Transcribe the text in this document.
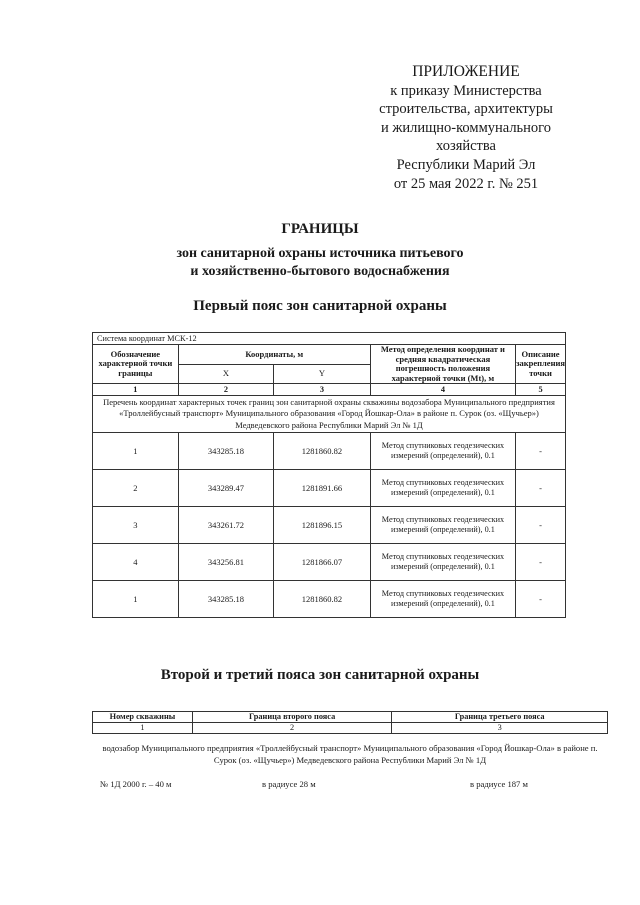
ПРИЛОЖЕНИЕ
к приказу Министерства
строительства, архитектуры
и жилищно-коммунального
хозяйства
Республики Марий Эл
от 25 мая 2022 г. № 251
ГРАНИЦЫ
зон санитарной охраны источника питьевого
и хозяйственно-бытового водоснабжения
Первый пояс зон санитарной охраны
Система координат МСК-12				
Обозначение характерной точки границы	Координаты, м		Метод определения координат и средняя квадратическая погрешность положения характерной точки (Mt), м	Описание закрепления точки
	X	Y		
1	2	3	4	5
Перечень координат характерных точек границ зон санитарной охраны скважины водозабора Муниципального предприятия «Троллейбусный транспорт» Муниципального образования «Город Йошкар-Ола» в районе п. Сурок (оз. «Щучьер») Медведевского района Республики Марий Эл № 1Д				
1	343285.18	1281860.82	Метод спутниковых геодезических измерений (определений), 0.1	-
2	343289.47	1281891.66	Метод спутниковых геодезических измерений (определений), 0.1	-
3	343261.72	1281896.15	Метод спутниковых геодезических измерений (определений), 0.1	-
4	343256.81	1281866.07	Метод спутниковых геодезических измерений (определений), 0.1	-
1	343285.18	1281860.82	Метод спутниковых геодезических измерений (определений), 0.1	-
Второй и третий пояса зон санитарной охраны
Номер скважины	Граница второго пояса	Граница третьего пояса
1	2	3
водозабор Муниципального предприятия «Троллейбусный транспорт» Муниципального образования «Город Йошкар-Ола» в районе п. Сурок (оз. «Щучьер») Медведевского района Республики Марий Эл № 1Д
№ 1Д 2000 г. – 40 м	в радиусе 28 м	в радиусе 187 м
